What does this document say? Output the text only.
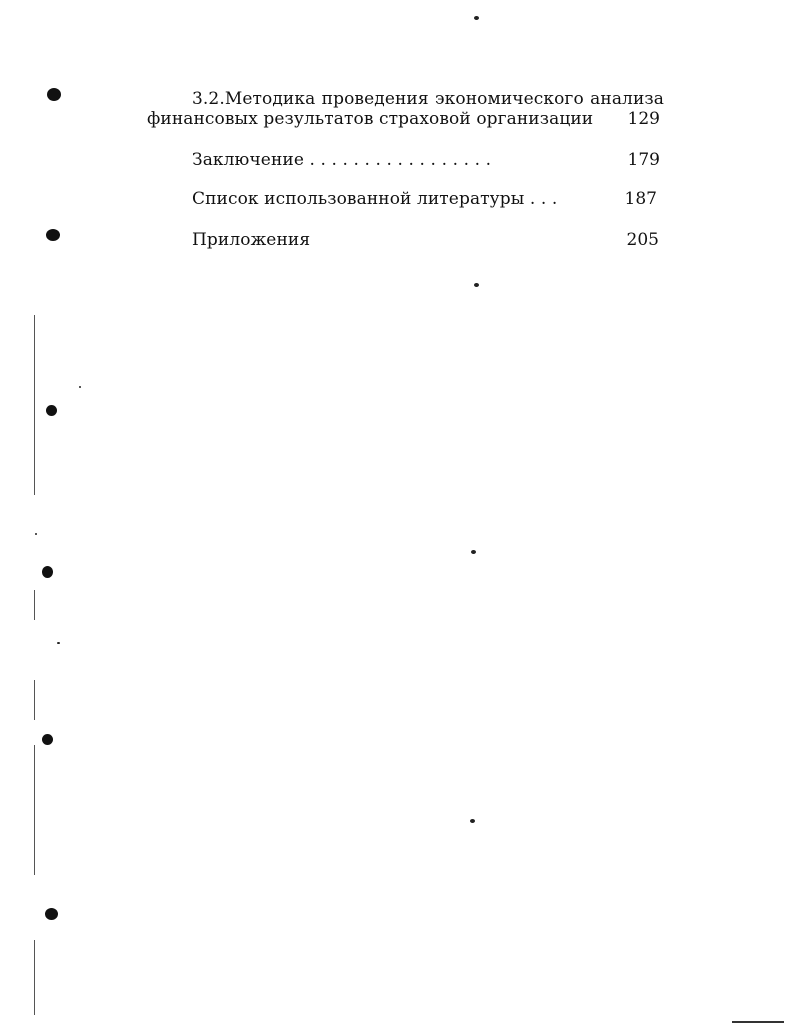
3.2.Методика проведения экономического анализа
финансовых результатов страховой организации	129
Заключение . . . . . . . . . . . . . . . . .	179
Список использованной литературы . . .	187
Приложения	205
